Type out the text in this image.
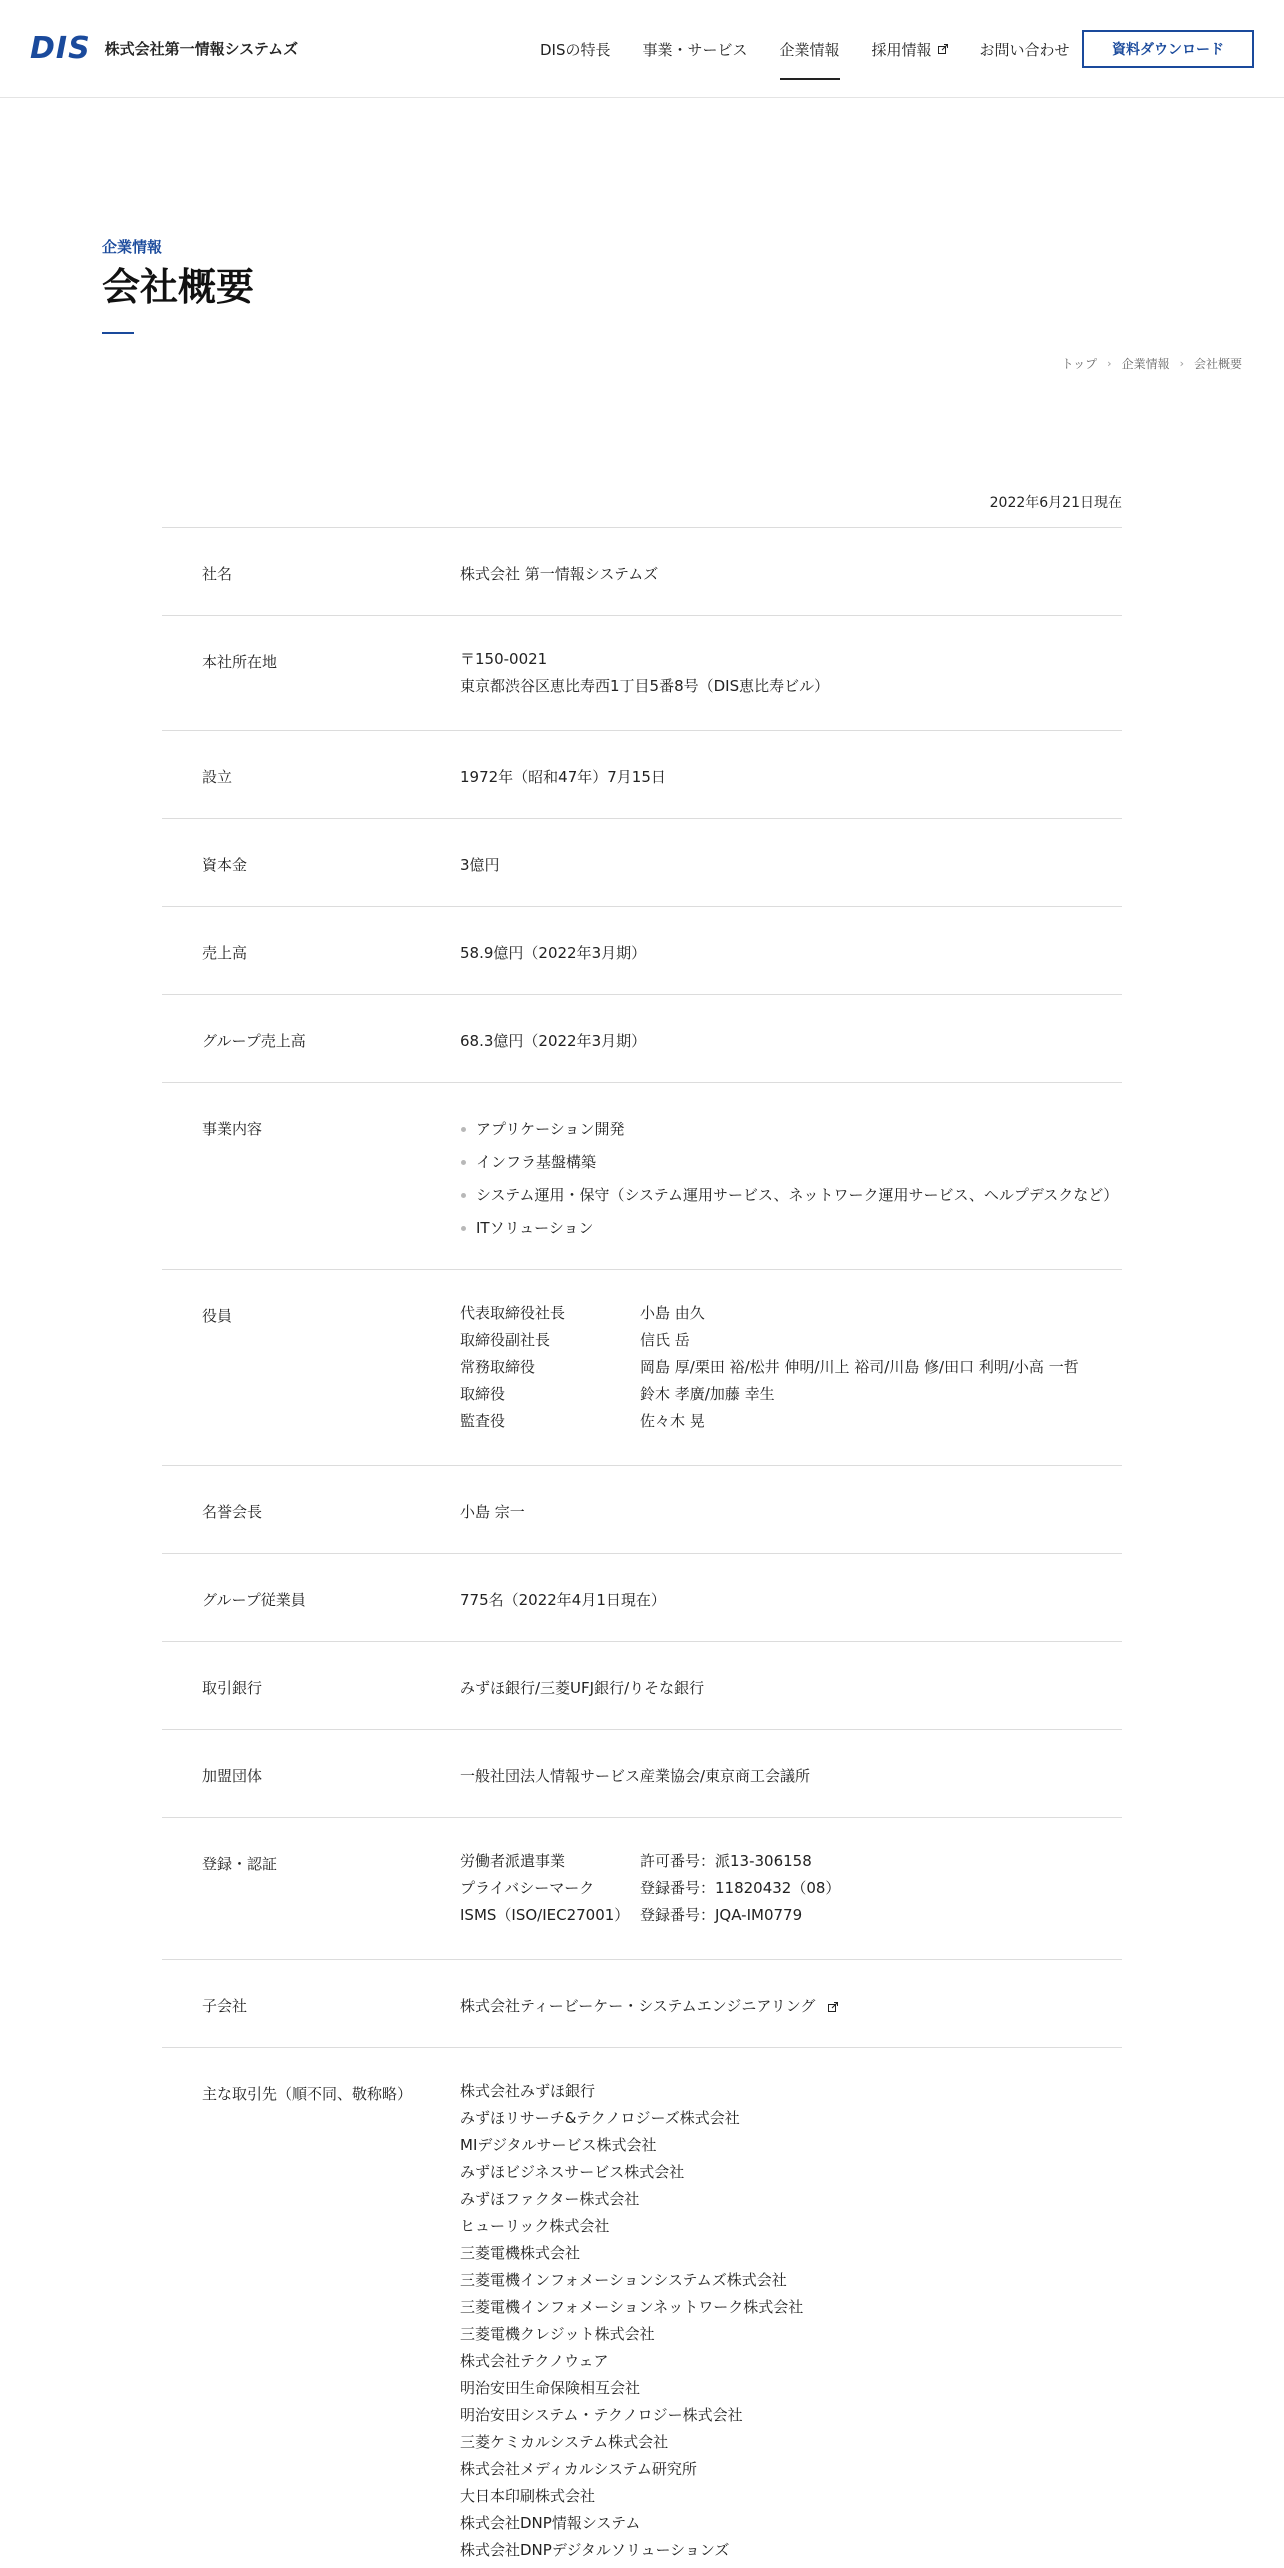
DIS 株式会社第一情報システムズ	DISの特長 事業・サービス 企業情報 採用情報	お問い合わせ	資料ダウンロード
企業情報
会社概要
トップ › 企業情報 › 会社概要
2022年6月21日現在
社名	株式会社 第一情報システムズ
本社所在地	〒150-0021
東京都渋谷区恵比寿西1丁目5番8号（DIS恵比寿ビル）
設立	1972年（昭和47年）7月15日
資本金	3億円
売上高	58.9億円（2022年3月期）
グループ売上高	68.3億円（2022年3月期）
事業内容	アプリケーション開発
インフラ基盤構築
システム運用・保守（システム運用サービス、ネットワーク運用サービス、ヘルプデスクなど）
ITソリューション
役員	代表取締役社長	小島 由久
取締役副社長	信氏 岳
常務取締役	岡島 厚/栗田 裕/松井 伸明/川上 裕司/川島 修/田口 利明/小高 一哲
取締役	鈴木 孝廣/加藤 幸生
監査役	佐々木 晃
名誉会長	小島 宗一
グループ従業員	775名（2022年4月1日現在）
取引銀行	みずほ銀行/三菱UFJ銀行/りそな銀行
加盟団体	一般社団法人情報サービス産業協会/東京商工会議所
登録・認証	労働者派遣事業	許可番号：派13-306158
プライバシーマーク	登録番号：11820432（08）
ISMS（ISO/IEC27001） 登録番号：JQA-IM0779
子会社	株式会社ティービーケー・システムエンジニアリング
主な取引先（順不同、敬称略）	株式会社みずほ銀行
みずほリサーチ&テクノロジーズ株式会社
MIデジタルサービス株式会社
みずほビジネスサービス株式会社
みずほファクター株式会社
ヒューリック株式会社
三菱電機株式会社
三菱電機インフォメーションシステムズ株式会社
三菱電機インフォメーションネットワーク株式会社
三菱電機クレジット株式会社
株式会社テクノウェア
明治安田生命保険相互会社
明治安田システム・テクノロジー株式会社
三菱ケミカルシステム株式会社
株式会社メディカルシステム研究所
大日本印刷株式会社
株式会社DNP情報システム
株式会社DNPデジタルソリューションズ
